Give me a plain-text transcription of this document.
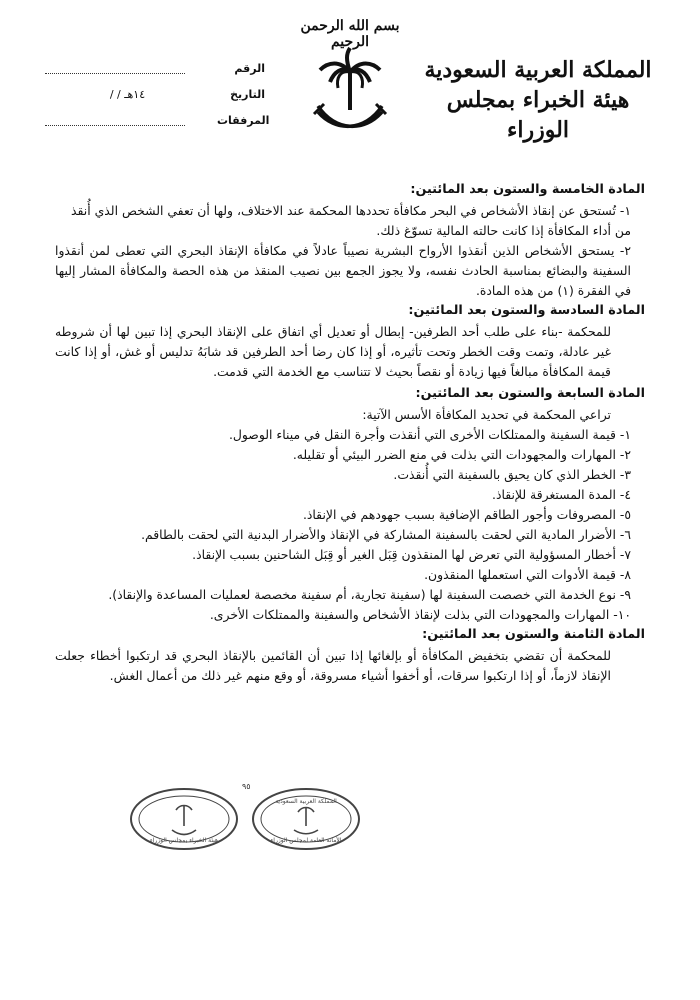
بسم الله الرحمن الرحيم
المملكة العربية السعودية
هيئة الخبراء بمجلس الوزراء
الرقم
التاريخ
/ / ١٤هـ
المرفقات
المادة الخامسة والستون بعد المائتين:

١- تُستحق عن إنقاذ الأشخاص في البحر مكافأة تحددها المحكمة عند الاختلاف، ولها أن تعفي الشخص الذي أُنقذ من أداء المكافأة إذا كانت حالته المالية تسوّغ ذلك.

٢- يستحق الأشخاص الذين أنقذوا الأرواح البشرية نصيباً عادلاً في مكافأة الإنقاذ البحري التي تعطى لمن أنقذوا السفينة والبضائع بمناسبة الحادث نفسه، ولا يجوز الجمع بين نصيب المنقذ من هذه الحصة والمكافأة المشار إليها في الفقرة (١) من هذه المادة.

المادة السادسة والستون بعد المائتين:

للمحكمة -بناء على طلب أحد الطرفين- إبطال أو تعديل أي اتفاق على الإنقاذ البحري إذا تبين لها أن شروطه غير عادلة، وتمت وقت الخطر وتحت تأثيره، أو إذا كان رضا أحد الطرفين قد شابَهُ تدليس أو غش، أو إذا كانت قيمة المكافأة مبالغاً فيها زيادة أو نقصاً بحيث لا تتناسب مع الخدمة التي قدمت.

المادة السابعة والستون بعد المائتين:

تراعي المحكمة في تحديد المكافأة الأسس الآتية:

١- قيمة السفينة والممتلكات الأخرى التي أنقذت وأجرة النقل في ميناء الوصول.

٢- المهارات والمجهودات التي بذلت في منع الضرر البيئي أو تقليله.

٣- الخطر الذي كان يحيق بالسفينة التي أُنقذت.

٤- المدة المستغرقة للإنقاذ.

٥- المصروفات وأجور الطاقم الإضافية بسبب جهودهم في الإنقاذ.

٦- الأضرار المادية التي لحقت بالسفينة المشاركة في الإنقاذ والأضرار البدنية التي لحقت بالطاقم.

٧- أخطار المسؤولية التي تعرض لها المنقذون قِبَل الغير أو قِبَل الشاحنين بسبب الإنقاذ.

٨- قيمة الأدوات التي استعملها المنقذون.

٩- نوع الخدمة التي خصصت السفينة لها (سفينة تجارية، أم سفينة مخصصة لعمليات المساعدة والإنقاذ).

١٠- المهارات والمجهودات التي بذلت لإنقاذ الأشخاص والسفينة والممتلكات الأخرى.

المادة الثامنة والستون بعد المائتين:

للمحكمة أن تقضي بتخفيض المكافأة أو بإلغائها إذا تبين أن القائمين بالإنقاذ البحري قد ارتكبوا أخطاء جعلت الإنقاذ لازماً، أو إذا ارتكبوا سرقات، أو أخفوا أشياء مسروقة، أو وقع منهم غير ذلك من أعمال الغش.

هيئة الخبراء بمجلس الوزراء
٩٥
المملكة العربية السعودية
الأمانة العامة لمجلس الوزراء
